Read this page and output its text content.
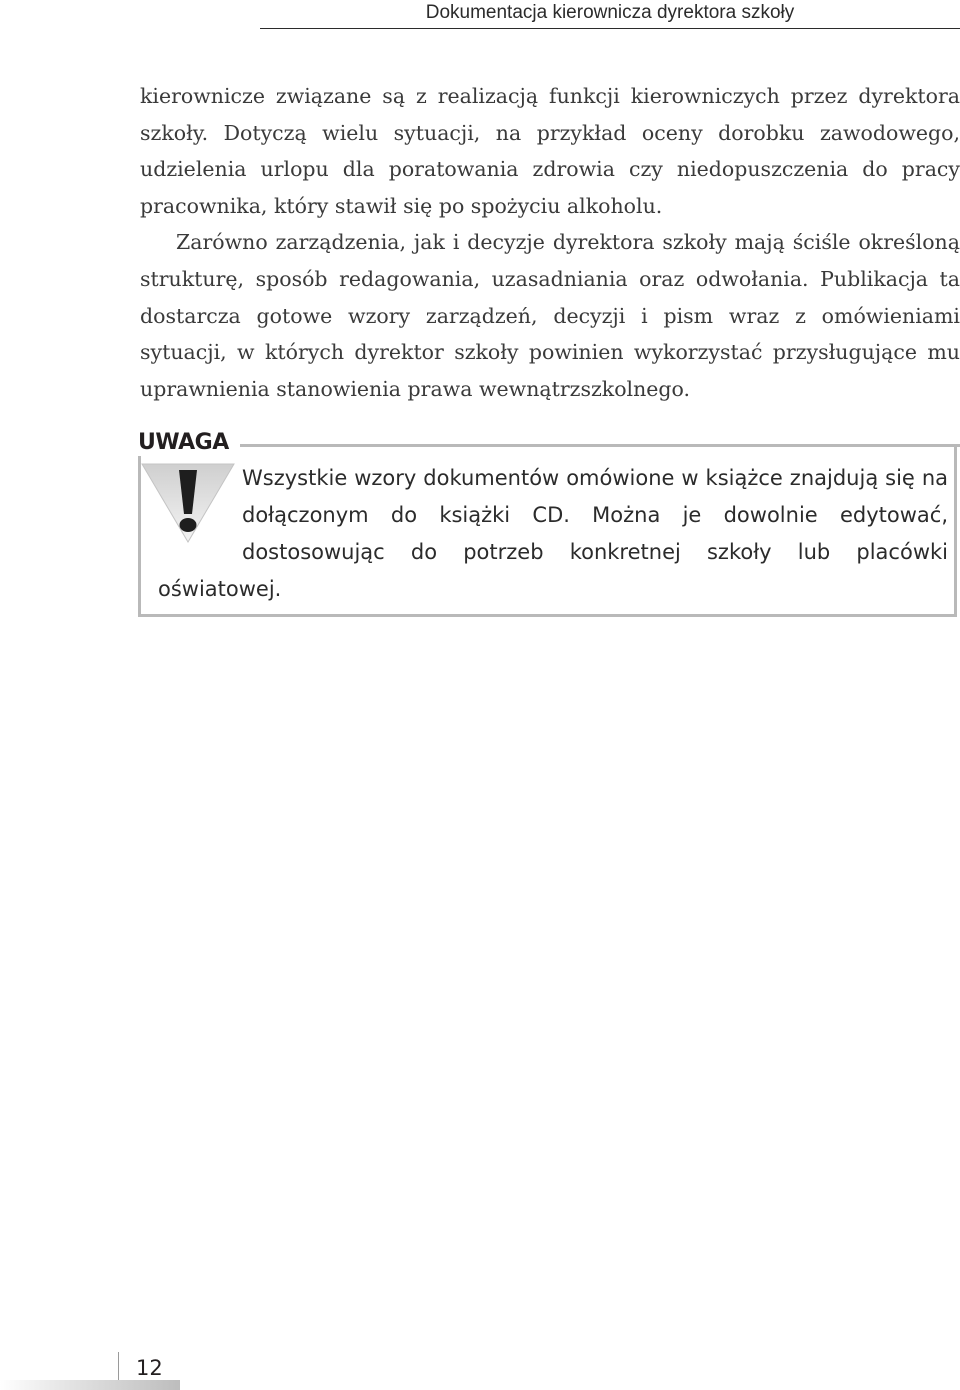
Dokumentacja kierownicza dyrektora szkoły

kierownicze związane są z realizacją funkcji kierowniczych przez dyrektora szkoły. Dotyczą wielu sytuacji, na przykład oceny dorobku zawodowego, udzielenia urlopu dla poratowania zdrowia czy niedopuszczenia do pracy pracownika, który stawił się po spożyciu alkoholu.

Zarówno zarządzenia, jak i decyzje dyrektora szkoły mają ściśle określoną strukturę, sposób redagowania, uzasadniania oraz odwołania. Publikacja ta dostarcza gotowe wzory zarządzeń, decyzji i pism wraz z omówieniami sytuacji, w których dyrektor szkoły powinien wykorzystać przysługujące mu uprawnienia stanowienia prawa wewnątrzszkolnego.

UWAGA
Wszystkie wzory dokumentów omówione w książce znajdują się na dołączonym do książki CD. Można je dowolnie edytować, dostosowując do potrzeb konkretnej szkoły lub placówki oświatowej.
12
